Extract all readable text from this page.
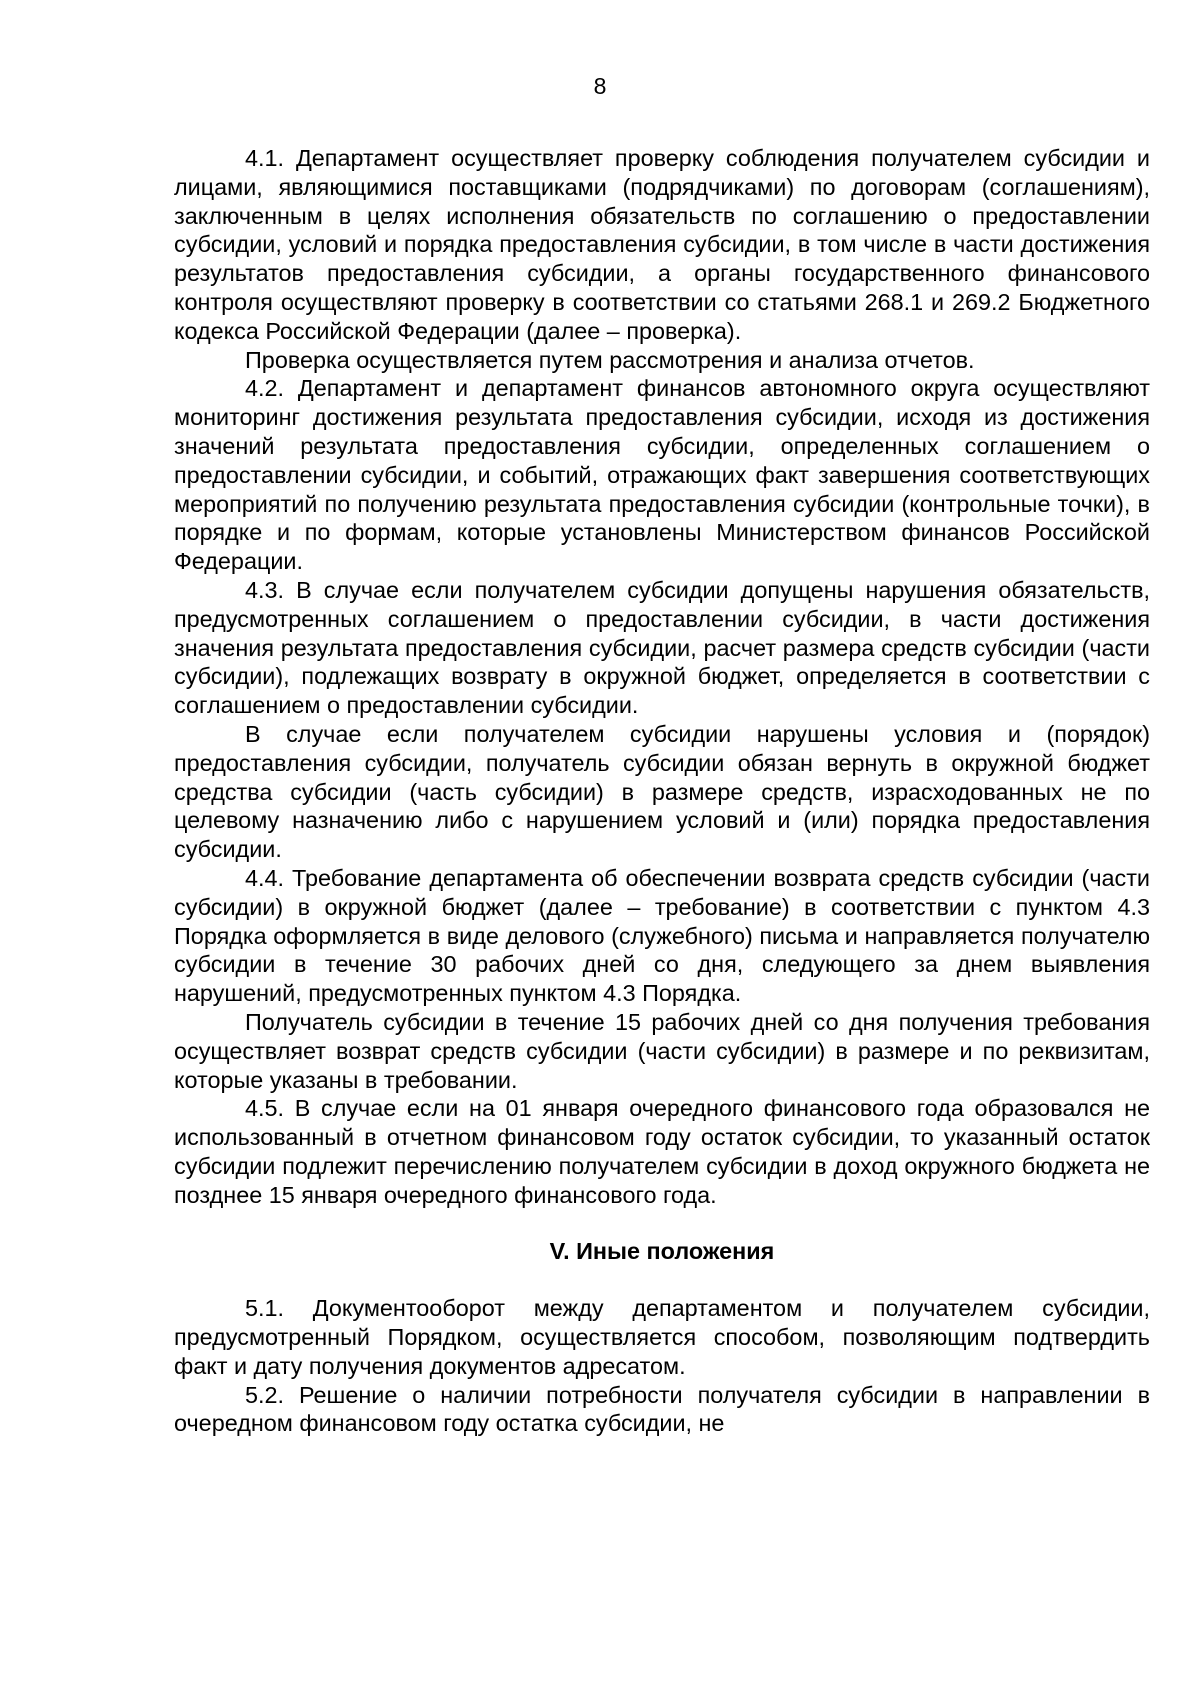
8

4.1. Департамент осуществляет проверку соблюдения получателем субсидии и лицами, являющимися поставщиками (подрядчиками) по договорам (соглашениям), заключенным в целях исполнения обязательств по соглашению о предоставлении субсидии, условий и порядка предоставления субсидии, в том числе в части достижения результатов предоставления субсидии, а органы государственного финансового контроля осуществляют проверку в соответствии со статьями 268.1 и 269.2 Бюджетного кодекса Российской Федерации (далее – проверка).

Проверка осуществляется путем рассмотрения и анализа отчетов.

4.2. Департамент и департамент финансов автономного округа осуществляют мониторинг достижения результата предоставления субсидии, исходя из достижения значений результата предоставления субсидии, определенных соглашением о предоставлении субсидии, и событий, отражающих факт завершения соответствующих мероприятий по получению результата предоставления субсидии (контрольные точки), в порядке и по формам, которые установлены Министерством финансов Российской Федерации.

4.3. В случае если получателем субсидии допущены нарушения обязательств, предусмотренных соглашением о предоставлении субсидии, в части достижения значения результата предоставления субсидии, расчет размера средств субсидии (части субсидии), подлежащих возврату в окружной бюджет, определяется в соответствии с соглашением о предоставлении субсидии.

В случае если получателем субсидии нарушены условия и (порядок) предоставления субсидии, получатель субсидии обязан вернуть в окружной бюджет средства субсидии (часть субсидии) в размере средств, израсходованных не по целевому назначению либо с нарушением условий и (или) порядка предоставления субсидии.

4.4. Требование департамента об обеспечении возврата средств субсидии (части субсидии) в окружной бюджет (далее – требование) в соответствии с пунктом 4.3 Порядка оформляется в виде делового (служебного) письма и направляется получателю субсидии в течение 30 рабочих дней со дня, следующего за днем выявления нарушений, предусмотренных пунктом 4.3 Порядка.

Получатель субсидии в течение 15 рабочих дней со дня получения требования осуществляет возврат средств субсидии (части субсидии) в размере и по реквизитам, которые указаны в требовании.

4.5. В случае если на 01 января очередного финансового года образовался не использованный в отчетном финансовом году остаток субсидии, то указанный остаток субсидии подлежит перечислению получателем субсидии в доход окружного бюджета не позднее 15 января очередного финансового года.

V. Иные положения

5.1. Документооборот между департаментом и получателем субсидии, предусмотренный Порядком, осуществляется способом, позволяющим подтвердить факт и дату получения документов адресатом.

5.2. Решение о наличии потребности получателя субсидии в направлении в очередном финансовом году остатка субсидии, не
